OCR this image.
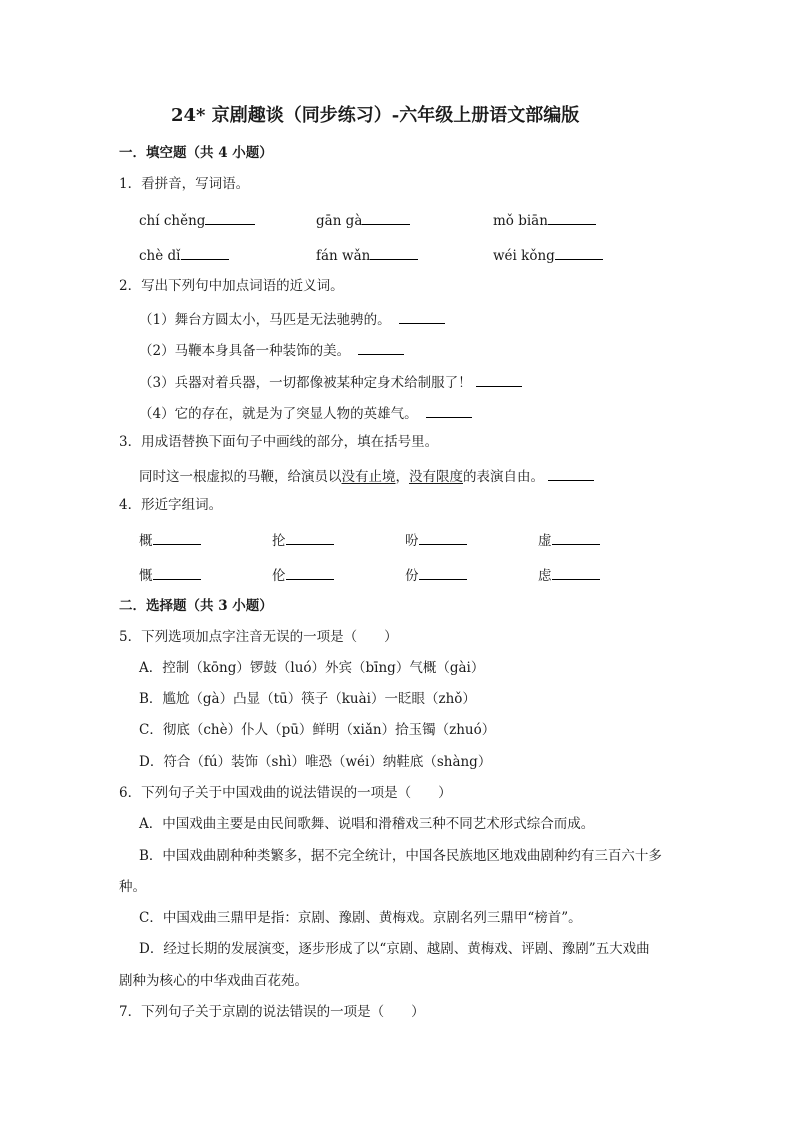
24* 京剧趣谈（同步练习）-六年级上册语文部编版
一．填空题（共 4 小题）
1．看拼音，写词语。
chí chěng	gān gà	mǒ biān
chè dǐ	fán wǎn	wéi kǒng
2．写出下列句中加点词语的近义词。
（1）舞台方圆太小，马匹是无法驰骋的。
（2）马鞭本身具备一种装饰的美。
（3）兵器对着兵器，一切都像被某种定身术给制服了！
（4）它的存在，就是为了突显人物的英雄气。
3．用成语替换下面句子中画线的部分，填在括号里。
同时这一根虚拟的马鞭，给演员以没有止境，没有限度的表演自由。
4．形近字组词。
概	抡	吩	虚
慨	伦	份	虑
二．选择题（共 3 小题）
5．下列选项加点字注音无误的一项是（　　）
A．控制（kōng）锣鼓（luó）外宾（bīng）气概（gài）
B．尴尬（gà）凸显（tū）筷子（kuài）一眨眼（zhǒ）
C．彻底（chè）仆人（pū）鲜明（xiǎn）拾玉镯（zhuó）
D．符合（fú）装饰（shì）唯恐（wéi）纳鞋底（shàng）
6．下列句子关于中国戏曲的说法错误的一项是（　　）
A．中国戏曲主要是由民间歌舞、说唱和滑稽戏三种不同艺术形式综合而成。
B．中国戏曲剧种种类繁多，据不完全统计，中国各民族地区地戏曲剧种约有三百六十多
种。
C．中国戏曲三鼎甲是指：京剧、豫剧、黄梅戏。京剧名列三鼎甲“榜首”。
D．经过长期的发展演变，逐步形成了以“京剧、越剧、黄梅戏、评剧、豫剧”五大戏曲
剧种为核心的中华戏曲百花苑。
7．下列句子关于京剧的说法错误的一项是（　　）
